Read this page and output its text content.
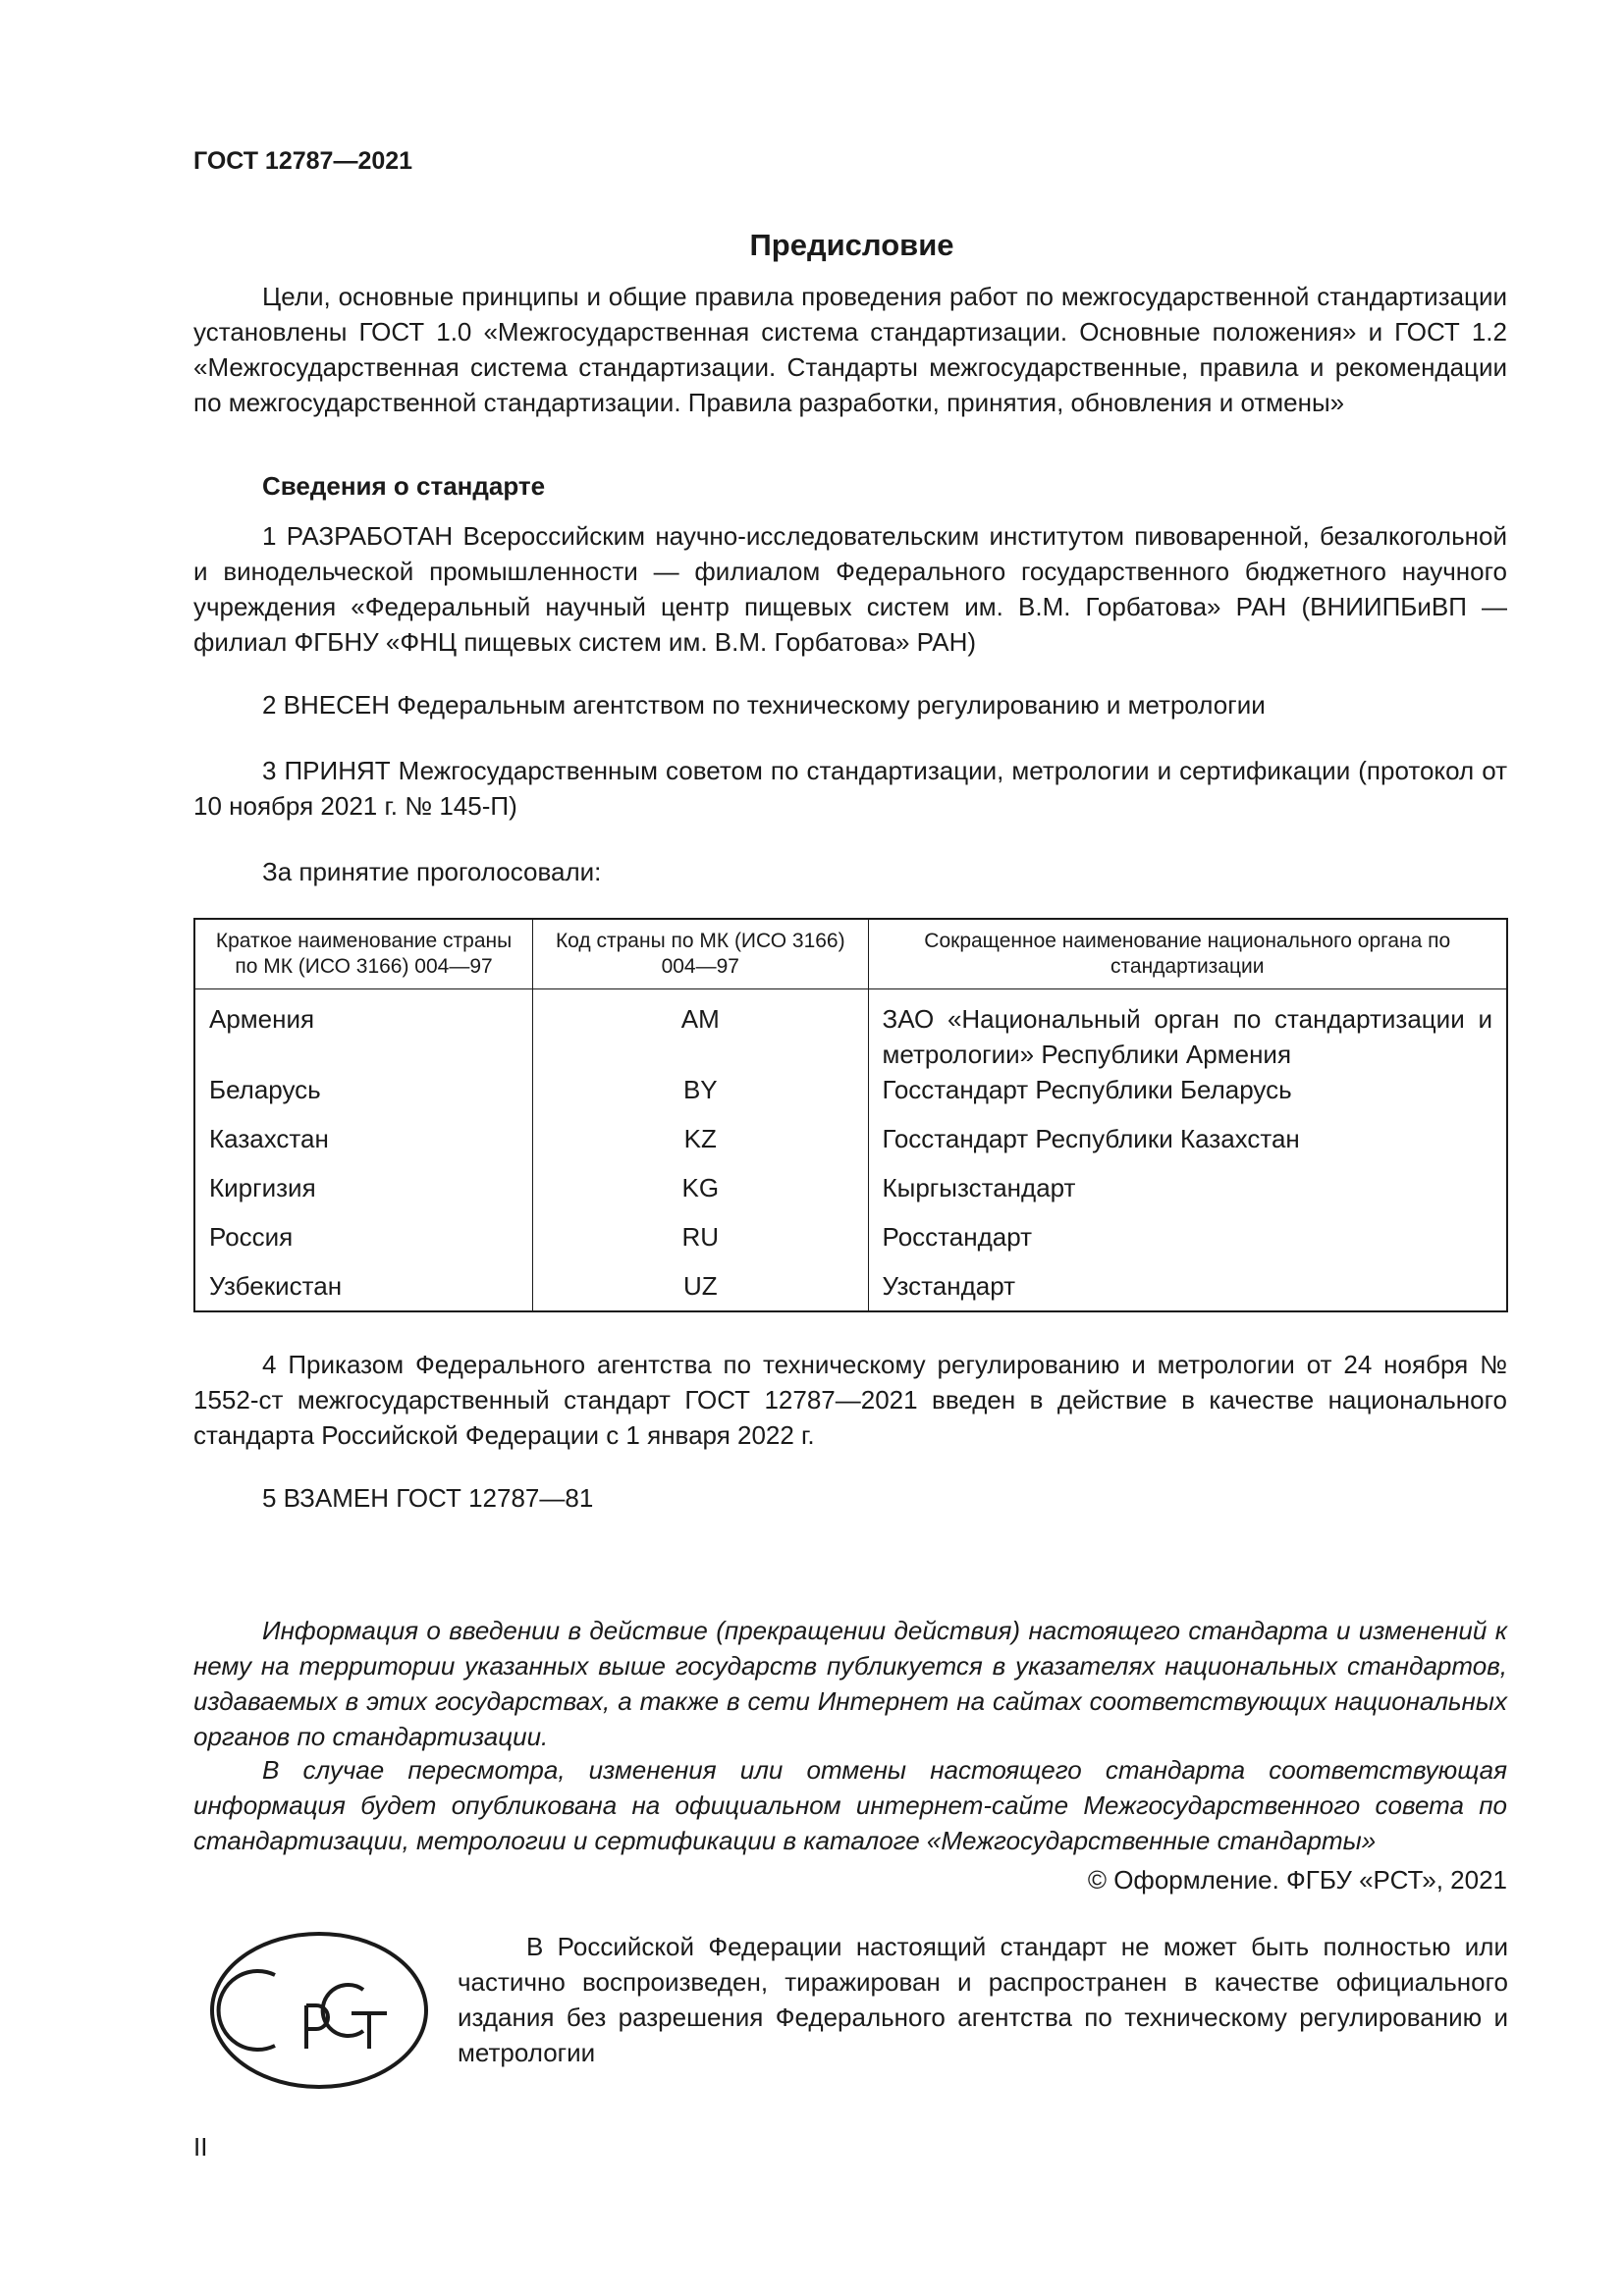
ГОСТ 12787—2021
Предисловие

Цели, основные принципы и общие правила проведения работ по межгосударственной стандартизации установлены ГОСТ 1.0 «Межгосударственная система стандартизации. Основные положения» и ГОСТ 1.2 «Межгосударственная система стандартизации. Стандарты межгосударственные, правила и рекомендации по межгосударственной стандартизации. Правила разработки, принятия, обновления и отмены»

Сведения о стандарте

1 РАЗРАБОТАН Всероссийским научно-исследовательским институтом пивоваренной, безалкогольной и винодельческой промышленности — филиалом Федерального государственного бюджетного научного учреждения «Федеральный научный центр пищевых систем им. В.М. Горбатова» РАН (ВНИИПБиВП — филиал ФГБНУ «ФНЦ пищевых систем им. В.М. Горбатова» РАН)

2 ВНЕСЕН Федеральным агентством по техническому регулированию и метрологии

3 ПРИНЯТ Межгосударственным советом по стандартизации, метрологии и сертификации (протокол от 10 ноября 2021 г. № 145-П)

За принятие проголосовали:

Краткое наименование страны по МК (ИСО 3166) 004—97	Код страны по МК (ИСО 3166) 004—97	Сокращенное наименование национального органа по стандартизации
Армения	AM	ЗАО «Национальный орган по стандартизации и метрологии» Республики Армения
Беларусь	BY	Госстандарт Республики Беларусь
Казахстан	KZ	Госстандарт Республики Казахстан
Киргизия	KG	Кыргызстандарт
Россия	RU	Росстандарт
Узбекистан	UZ	Узстандарт

4 Приказом Федерального агентства по техническому регулированию и метрологии от 24 ноября № 1552-ст межгосударственный стандарт ГОСТ 12787—2021 введен в действие в качестве национального стандарта Российской Федерации с 1 января 2022 г.

5 ВЗАМЕН ГОСТ 12787—81

Информация о введении в действие (прекращении действия) настоящего стандарта и изменений к нему на территории указанных выше государств публикуется в указателях национальных стандартов, издаваемых в этих государствах, а также в сети Интернет на сайтах соответствующих национальных органов по стандартизации.

В случае пересмотра, изменения или отмены настоящего стандарта соответствующая информация будет опубликована на официальном интернет-сайте Межгосударственного совета по стандартизации, метрологии и сертификации в каталоге «Межгосударственные стандарты»

© Оформление. ФГБУ «РСТ», 2021

В Российской Федерации настоящий стандарт не может быть полностью или частично воспроизведен, тиражирован и распространен в качестве официального издания без разрешения Федерального агентства по техническому регулированию и метрологии

II
